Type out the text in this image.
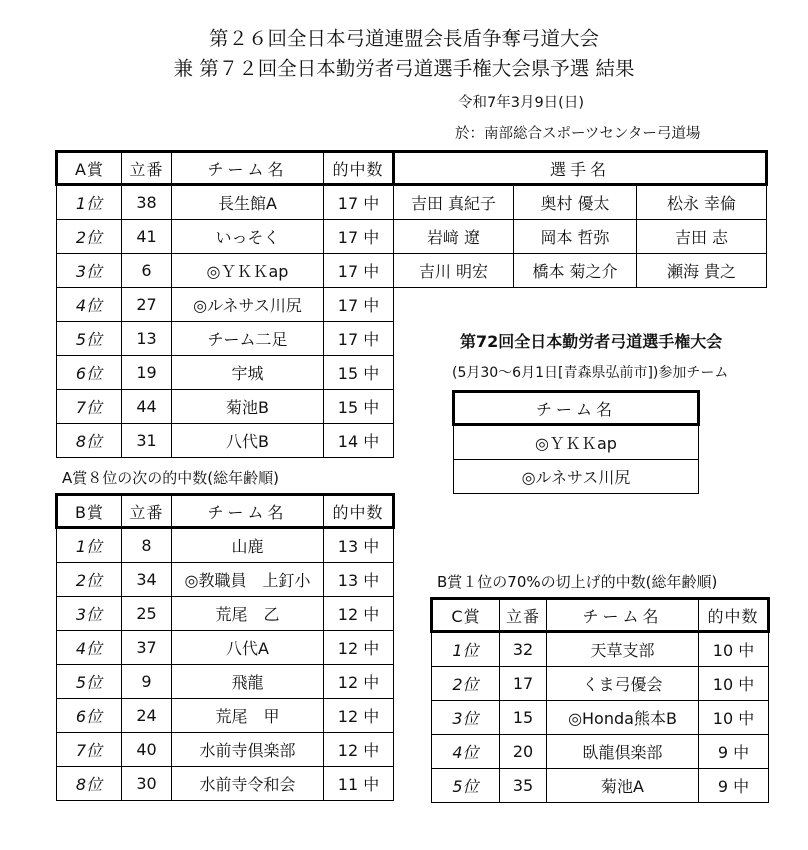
第２６回全日本弓道連盟会長盾争奪弓道大会
兼 第７２回全日本勤労者弓道選手権大会県予選 結果
令和7年3月9日(日)
於：南部総合スポーツセンター弓道場
A賞	立番	チーム名	的中数	選手名		
1位	38	長生館A	17 中	吉田 真紀子	奥村 優太	松永 幸倫
2位	41	いっそく	17 中	岩﨑 遼	岡本 哲弥	吉田 志
3位	6	◎ＹＫＫap	17 中	吉川 明宏	橋本 菊之介	瀬海 貴之
4位	27	◎ルネサス川尻	17 中			
5位	13	チーム二足	17 中			
6位	19	宇城	15 中			
7位	44	菊池B	15 中			
8位	31	八代B	14 中			
A賞８位の次の的中数(総年齢順)
B賞	立番	チーム名	的中数
1位	8	山鹿	13 中
2位	34	◎教職員　上釘小	13 中
3位	25	荒尾　乙	12 中
4位	37	八代A	12 中
5位	9	飛龍	12 中
6位	24	荒尾　甲	12 中
7位	40	水前寺倶楽部	12 中
8位	30	水前寺令和会	11 中
第72回全日本勤労者弓道選手権大会
(5月30～6月1日[青森県弘前市])参加チーム
チーム名
◎ＹＫＫap
◎ルネサス川尻
B賞１位の70%の切上げ的中数(総年齢順)
C賞	立番	チーム名	的中数
1位	32	天草支部	10 中
2位	17	くま弓優会	10 中
3位	15	◎Honda熊本B	10 中
4位	20	臥龍倶楽部	9 中
5位	35	菊池A	9 中
